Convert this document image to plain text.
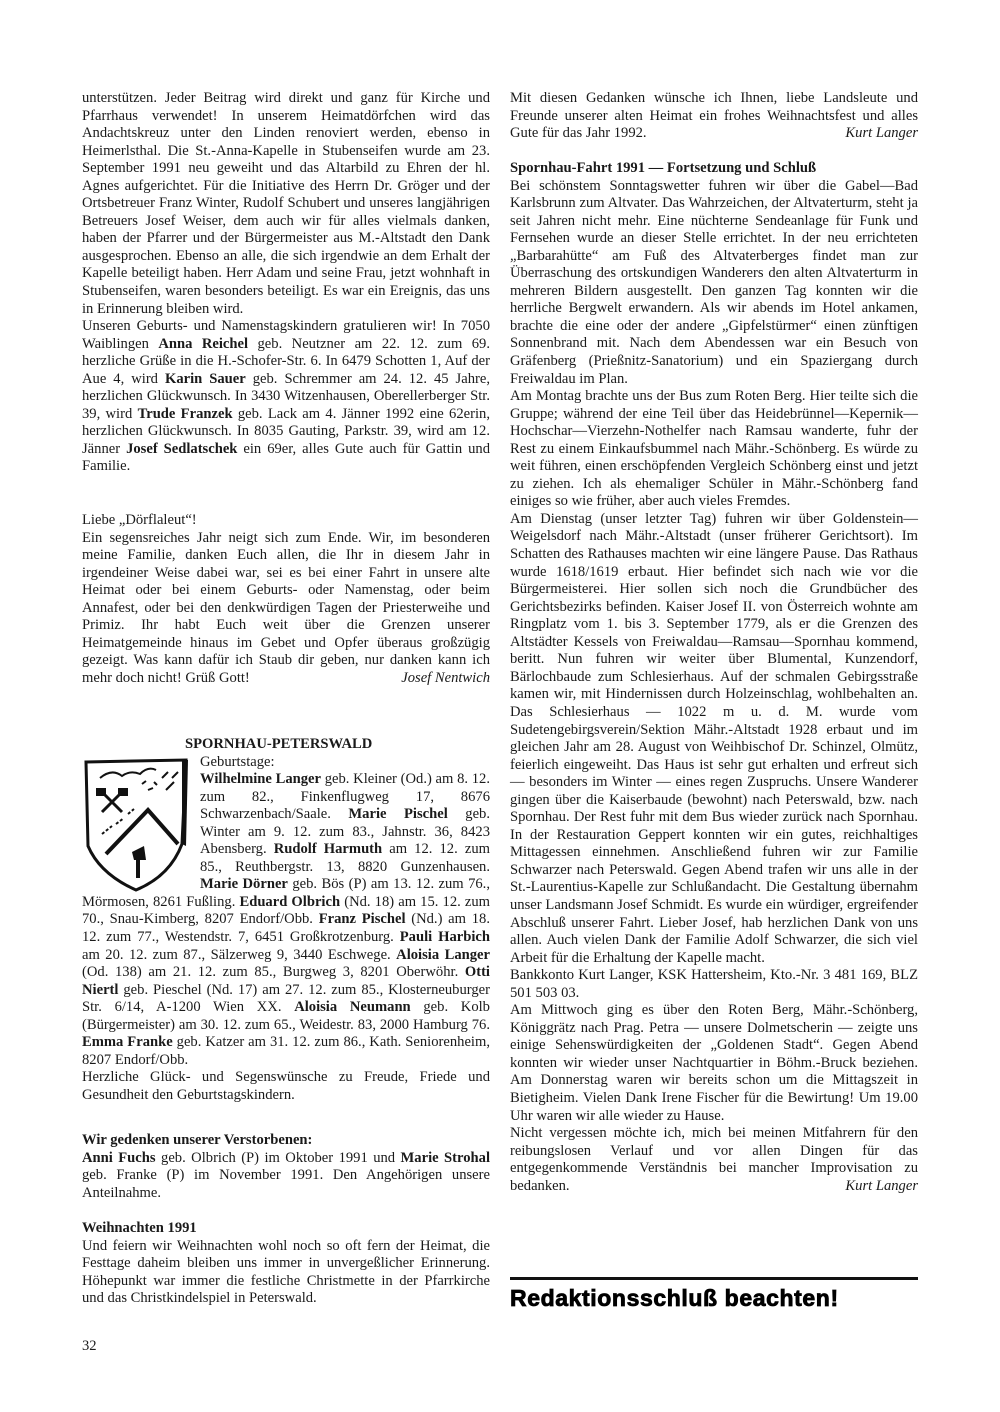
unterstützen. Jeder Beitrag wird direkt und ganz für Kirche und Pfarrhaus verwendet! In unserem Heimatdörfchen wird das Andachtskreuz unter den Linden renoviert werden, ebenso in Heimerlsthal. Die St.-Anna-Kapelle in Stubenseifen wurde am 23. September 1991 neu geweiht und das Altarbild zu Ehren der hl. Agnes aufgerichtet. Für die Initiative des Herrn Dr. Gröger und der Ortsbetreuer Franz Winter, Rudolf Schubert und unseres langjährigen Betreuers Josef Weiser, dem auch wir für alles vielmals danken, haben der Pfarrer und der Bürgermeister aus M.-Altstadt den Dank ausgesprochen. Ebenso an alle, die sich irgendwie an dem Erhalt der Kapelle beteiligt haben. Herr Adam und seine Frau, jetzt wohnhaft in Stubenseifen, waren besonders beteiligt. Es war ein Ereignis, das uns in Erinnerung bleiben wird.

Unseren Geburts- und Namenstagskindern gratulieren wir! In 7050 Waiblingen Anna Reichel geb. Neutzner am 22. 12. zum 69. herzliche Grüße in die H.-Schofer-Str. 6. In 6479 Schotten 1, Auf der Aue 4, wird Karin Sauer geb. Schremmer am 24. 12. 45 Jahre, herzlichen Glückwunsch. In 3430 Witzenhausen, Oberellerberger Str. 39, wird Trude Franzek geb. Lack am 4. Jänner 1992 eine 62erin, herzlichen Glückwunsch. In 8035 Gauting, Parkstr. 39, wird am 12. Jänner Josef Sedlatschek ein 69er, alles Gute auch für Gattin und Familie.

Liebe „Dörflaleut“!

Ein segensreiches Jahr neigt sich zum Ende. Wir, im besonderen meine Familie, danken Euch allen, die Ihr in diesem Jahr in irgendeiner Weise dabei war, sei es bei einer Fahrt in unsere alte Heimat oder bei einem Geburts- oder Namenstag, oder beim Annafest, oder bei den denkwürdigen Tagen der Priesterweihe und Primiz. Ihr habt Euch weit über die Grenzen unserer Heimatgemeinde hinaus im Gebet und Opfer überaus großzügig gezeigt. Was kann dafür ich Staub dir geben, nur danken kann ich mehr doch nicht! Grüß Gott!	Josef Nentwich
SPORNHAU-PETERSWALD

Geburtstage:

Wilhelmine Langer geb. Kleiner (Od.) am 8. 12. zum 82., Finkenflugweg 17, 8676 Schwarzenbach/Saale. Marie Pischel geb. Winter am 9. 12. zum 83., Jahnstr. 36, 8423 Abensberg. Rudolf Harmuth am 12. 12. zum 85., Reuthbergstr. 13, 8820 Gunzenhausen. Marie Dörner geb. Bös (P) am 13. 12. zum 76., Mörmosen, 8261 Fußling. Eduard Olbrich (Nd. 18) am 15. 12. zum 70., Snau-Kimberg, 8207 Endorf/Obb. Franz Pischel (Nd.) am 18. 12. zum 77., Westendstr. 7, 6451 Großkrotzenburg. Pauli Harbich am 20. 12. zum 87., Sälzerweg 9, 3440 Eschwege. Aloisia Langer (Od. 138) am 21. 12. zum 85., Burgweg 3, 8201 Oberwöhr. Otti Niertl geb. Pieschel (Nd. 17) am 27. 12. zum 85., Klosterneuburger Str. 6/14, A-1200 Wien XX. Aloisia Neumann geb. Kolb (Bürgermeister) am 30. 12. zum 65., Weidestr. 83, 2000 Hamburg 76. Emma Franke geb. Katzer am 31. 12. zum 86., Kath. Seniorenheim, 8207 Endorf/Obb.

Herzliche Glück- und Segenswünsche zu Freude, Friede und Gesundheit den Geburtstagskindern.

Wir gedenken unserer Verstorbenen:

Anni Fuchs geb. Olbrich (P) im Oktober 1991 und Marie Strohal geb. Franke (P) im November 1991. Den Angehörigen unsere Anteilnahme.

Weihnachten 1991

Und feiern wir Weihnachten wohl noch so oft fern der Heimat, die Festtage daheim bleiben uns immer in unvergeßlicher Erinnerung. Höhepunkt war immer die festliche Christmette in der Pfarrkirche und das Christkindelspiel in Peterswald.

Mit diesen Gedanken wünsche ich Ihnen, liebe Landsleute und Freunde unserer alten Heimat ein frohes Weihnachtsfest und alles Gute für das Jahr 1992.	Kurt Langer
Spornhau-Fahrt 1991 — Fortsetzung und Schluß

Bei schönstem Sonntagswetter fuhren wir über die Gabel—Bad Karlsbrunn zum Altvater. Das Wahrzeichen, der Altvaterturm, steht ja seit Jahren nicht mehr. Eine nüchterne Sendeanlage für Funk und Fernsehen wurde an dieser Stelle errichtet. In der neu errichteten „Barbarahütte“ am Fuß des Altvaterberges findet man zur Überraschung des ortskundigen Wanderers den alten Altvaterturm in mehreren Bildern ausgestellt. Den ganzen Tag konnten wir die herrliche Bergwelt erwandern. Als wir abends im Hotel ankamen, brachte die eine oder der andere „Gipfelstürmer“ einen zünftigen Sonnenbrand mit. Nach dem Abendessen war ein Besuch von Gräfenberg (Prießnitz-Sanatorium) und ein Spaziergang durch Freiwaldau im Plan.

Am Montag brachte uns der Bus zum Roten Berg. Hier teilte sich die Gruppe; während der eine Teil über das Heidebrünnel—Kepernik—Hochschar—Vierzehn-Nothelfer nach Ramsau wanderte, fuhr der Rest zu einem Einkaufsbummel nach Mähr.-Schönberg. Es würde zu weit führen, einen erschöpfenden Vergleich Schönberg einst und jetzt zu ziehen. Ich als ehemaliger Schüler in Mähr.-Schönberg fand einiges so wie früher, aber auch vieles Fremdes.

Am Dienstag (unser letzter Tag) fuhren wir über Goldenstein—Weigelsdorf nach Mähr.-Altstadt (unser früherer Gerichtsort). Im Schatten des Rathauses machten wir eine längere Pause. Das Rathaus wurde 1618/1619 erbaut. Hier befindet sich nach wie vor die Bürgermeisterei. Hier sollen sich noch die Grundbücher des Gerichtsbezirks befinden. Kaiser Josef II. von Österreich wohnte am Ringplatz vom 1. bis 3. September 1779, als er die Grenzen des Altstädter Kessels von Freiwaldau—Ramsau—Spornhau kommend, beritt. Nun fuhren wir weiter über Blumental, Kunzendorf, Bärlochbaude zum Schlesierhaus. Auf der schmalen Gebirgsstraße kamen wir, mit Hindernissen durch Holzeinschlag, wohlbehalten an. Das Schlesierhaus — 1022 m u. d. M. wurde vom Sudetengebirgsverein/Sektion Mähr.-Altstadt 1928 erbaut und im gleichen Jahr am 28. August von Weihbischof Dr. Schinzel, Olmütz, feierlich eingeweiht. Das Haus ist sehr gut erhalten und erfreut sich — besonders im Winter — eines regen Zuspruchs. Unsere Wanderer gingen über die Kaiserbaude (bewohnt) nach Peterswald, bzw. nach Spornhau. Der Rest fuhr mit dem Bus wieder zurück nach Spornhau. In der Restauration Geppert konnten wir ein gutes, reichhaltiges Mittagessen einnehmen. Anschließend fuhren wir zur Familie Schwarzer nach Peterswald. Gegen Abend trafen wir uns alle in der St.-Laurentius-Kapelle zur Schlußandacht. Die Gestaltung übernahm unser Landsmann Josef Schmidt. Es wurde ein würdiger, ergreifender Abschluß unserer Fahrt. Lieber Josef, hab herzlichen Dank von uns allen. Auch vielen Dank der Familie Adolf Schwarzer, die sich viel Arbeit für die Erhaltung der Kapelle macht.

Bankkonto Kurt Langer, KSK Hattersheim, Kto.-Nr. 3 481 169, BLZ 501 503 03.

Am Mittwoch ging es über den Roten Berg, Mähr.-Schönberg, Königgrätz nach Prag. Petra — unsere Dolmetscherin — zeigte uns einige Sehenswürdigkeiten der „Goldenen Stadt“. Gegen Abend konnten wir wieder unser Nachtquartier in Böhm.-Bruck beziehen. Am Donnerstag waren wir bereits schon um die Mittagszeit in Bietigheim. Vielen Dank Irene Fischer für die Bewirtung! Um 19.00 Uhr waren wir alle wieder zu Hause.

Nicht vergessen möchte ich, mich bei meinen Mitfahrern für den reibungslosen Verlauf und vor allen Dingen für das entgegenkommende Verständnis bei mancher Improvisation zu bedanken.	Kurt Langer
Redaktionsschluß beachten!
32
